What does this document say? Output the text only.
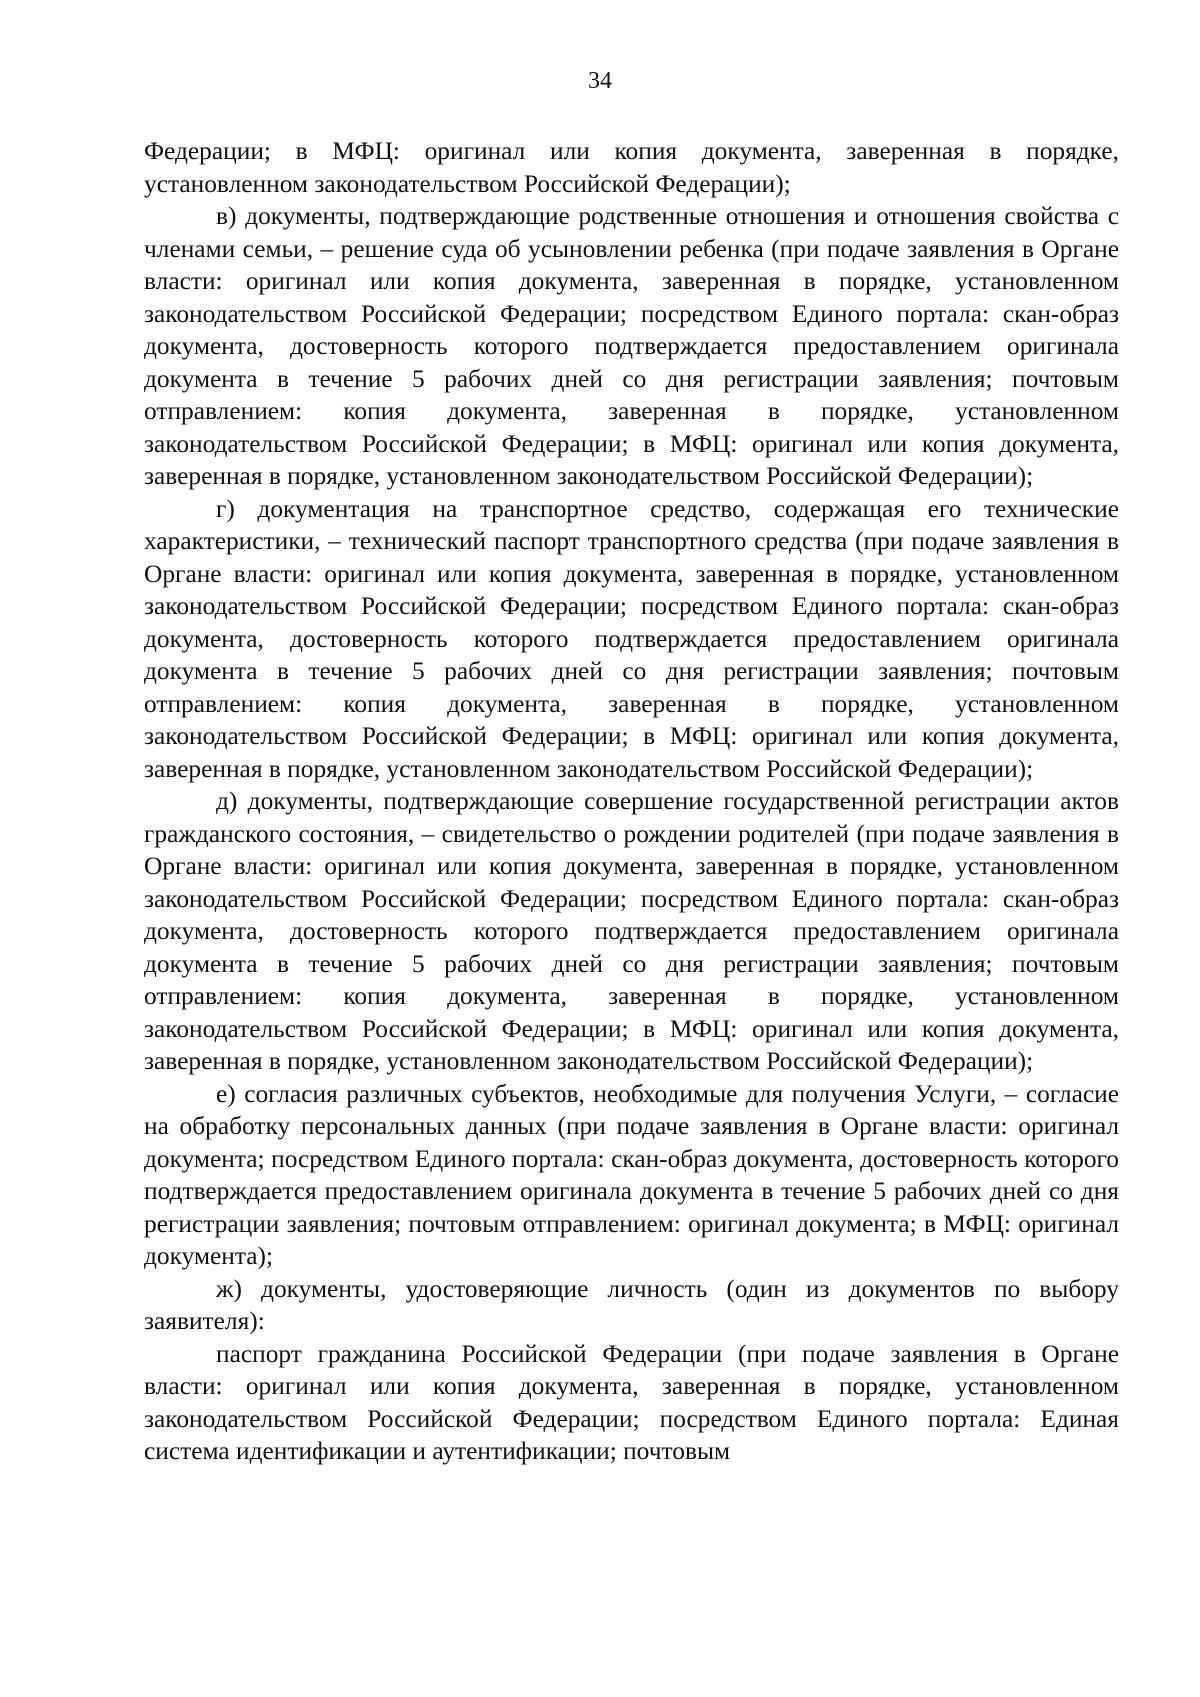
34

Федерации; в МФЦ: оригинал или копия документа, заверенная в порядке, установленном законодательством Российской Федерации);

в) документы, подтверждающие родственные отношения и отношения свойства с членами семьи, – решение суда об усыновлении ребенка (при подаче заявления в Органе власти: оригинал или копия документа, заверенная в порядке, установленном законодательством Российской Федерации; посредством Единого портала: скан-образ документа, достоверность которого подтверждается предоставлением оригинала документа в течение 5 рабочих дней со дня регистрации заявления; почтовым отправлением: копия документа, заверенная в порядке, установленном законодательством Российской Федерации; в МФЦ: оригинал или копия документа, заверенная в порядке, установленном законодательством Российской Федерации);

г) документация на транспортное средство, содержащая его технические характеристики, – технический паспорт транспортного средства (при подаче заявления в Органе власти: оригинал или копия документа, заверенная в порядке, установленном законодательством Российской Федерации; посредством Единого портала: скан-образ документа, достоверность которого подтверждается предоставлением оригинала документа в течение 5 рабочих дней со дня регистрации заявления; почтовым отправлением: копия документа, заверенная в порядке, установленном законодательством Российской Федерации; в МФЦ: оригинал или копия документа, заверенная в порядке, установленном законодательством Российской Федерации);

д) документы, подтверждающие совершение государственной регистрации актов гражданского состояния, – свидетельство о рождении родителей (при подаче заявления в Органе власти: оригинал или копия документа, заверенная в порядке, установленном законодательством Российской Федерации; посредством Единого портала: скан-образ документа, достоверность которого подтверждается предоставлением оригинала документа в течение 5 рабочих дней со дня регистрации заявления; почтовым отправлением: копия документа, заверенная в порядке, установленном законодательством Российской Федерации; в МФЦ: оригинал или копия документа, заверенная в порядке, установленном законодательством Российской Федерации);

е) согласия различных субъектов, необходимые для получения Услуги, – согласие на обработку персональных данных (при подаче заявления в Органе власти: оригинал документа; посредством Единого портала: скан-образ документа, достоверность которого подтверждается предоставлением оригинала документа в течение 5 рабочих дней со дня регистрации заявления; почтовым отправлением: оригинал документа; в МФЦ: оригинал документа);

ж) документы, удостоверяющие личность (один из документов по выбору заявителя):

паспорт гражданина Российской Федерации (при подаче заявления в Органе власти: оригинал или копия документа, заверенная в порядке, установленном законодательством Российской Федерации; посредством Единого портала: Единая система идентификации и аутентификации; почтовым
